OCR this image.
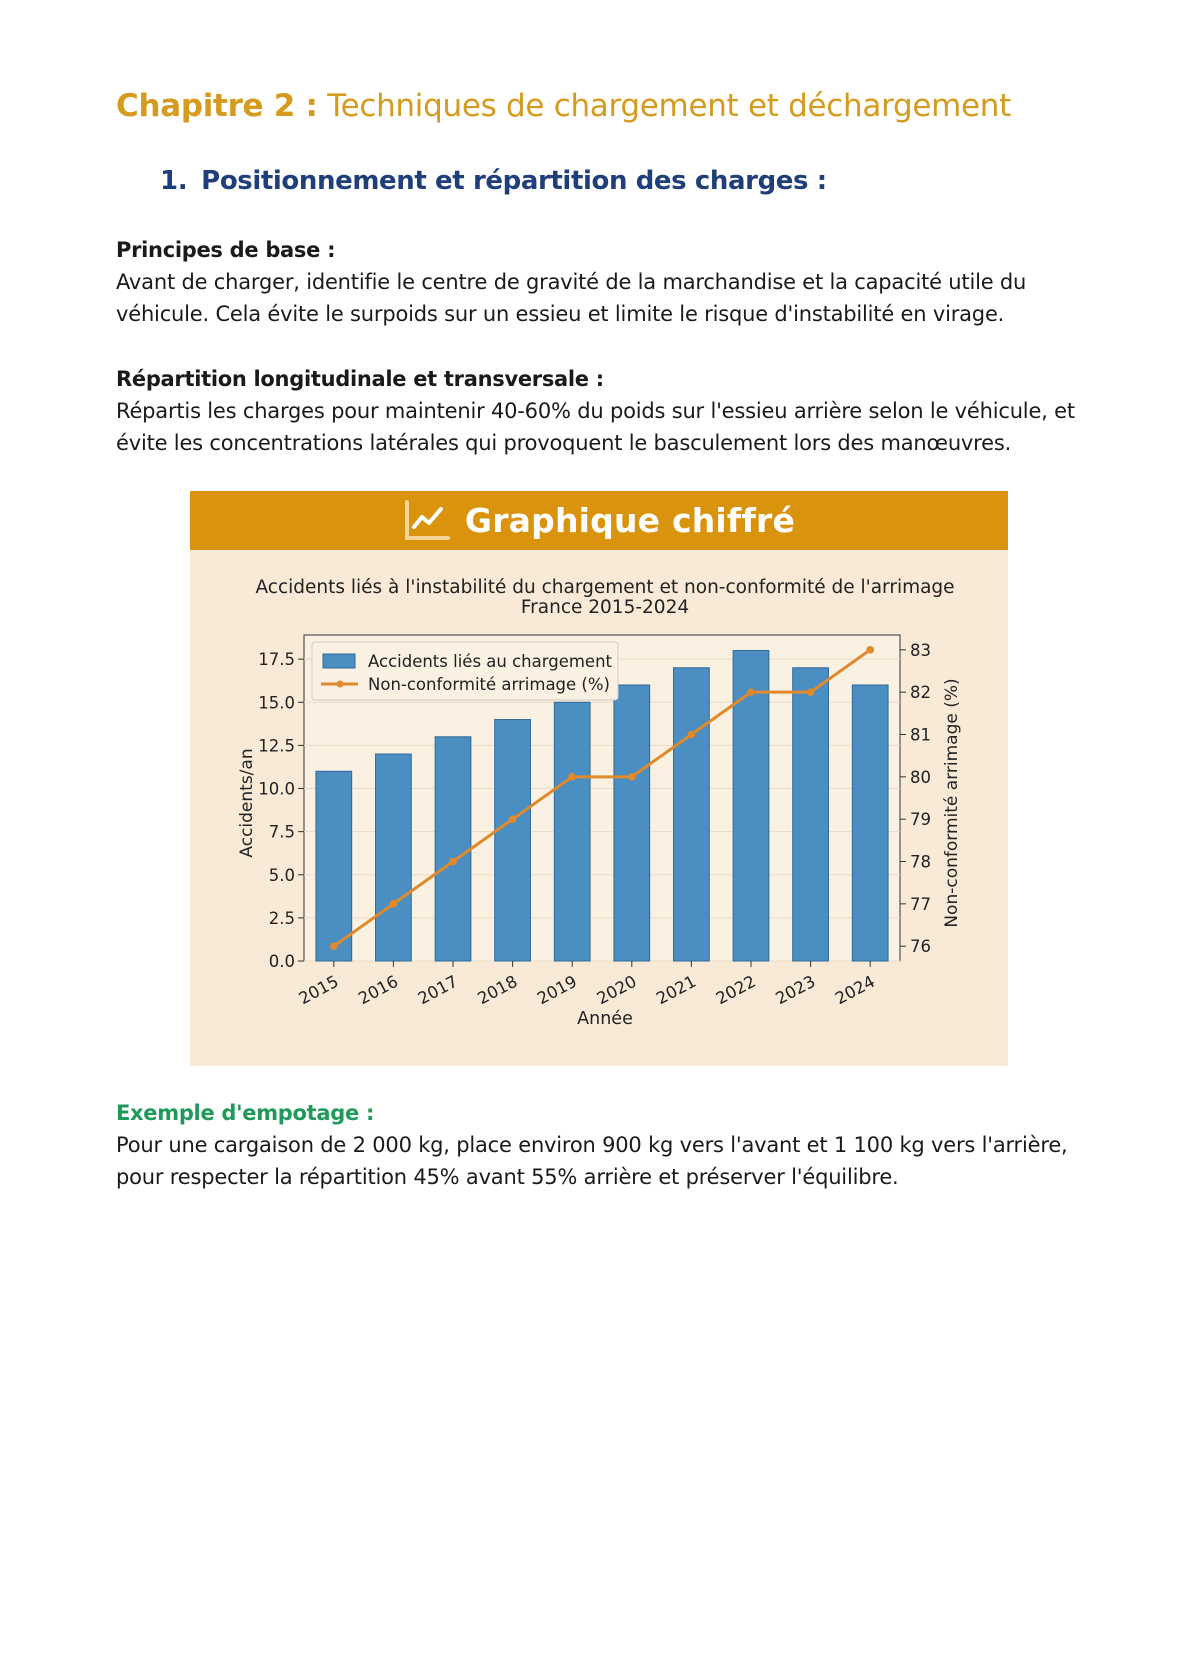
Chapitre 2 : Techniques de chargement et déchargement
1. Positionnement et répartition des charges :
Principes de base :

Avant de charger, identifie le centre de gravité de la marchandise et la capacité utile du véhicule. Cela évite le surpoids sur un essieu et limite le risque d'instabilité en virage.

Répartition longitudinale et transversale :

Répartis les charges pour maintenir 40-60% du poids sur l'essieu arrière selon le véhicule, et évite les concentrations latérales qui provoquent le basculement lors des manœuvres.

Graphique chiffré
Accidents liés à l'instabilité du chargement et non-conformité de l'arrimage
France 2015-2024
0.0
2.5
5.0
7.5
10.0
12.5
15.0
17.5
76
77
78
79
80
81
82
83
2015 2016 2017 2018 2019 2020 2021 2022 2023 2024
Année
Accidents/an	Non-conformité arrimage (%)
Accidents liés au chargement
Non-conformité arrimage (%)
Exemple d'empotage :

Pour une cargaison de 2 000 kg, place environ 900 kg vers l'avant et 1 100 kg vers l'arrière, pour respecter la répartition 45% avant 55% arrière et préserver l'équilibre.
